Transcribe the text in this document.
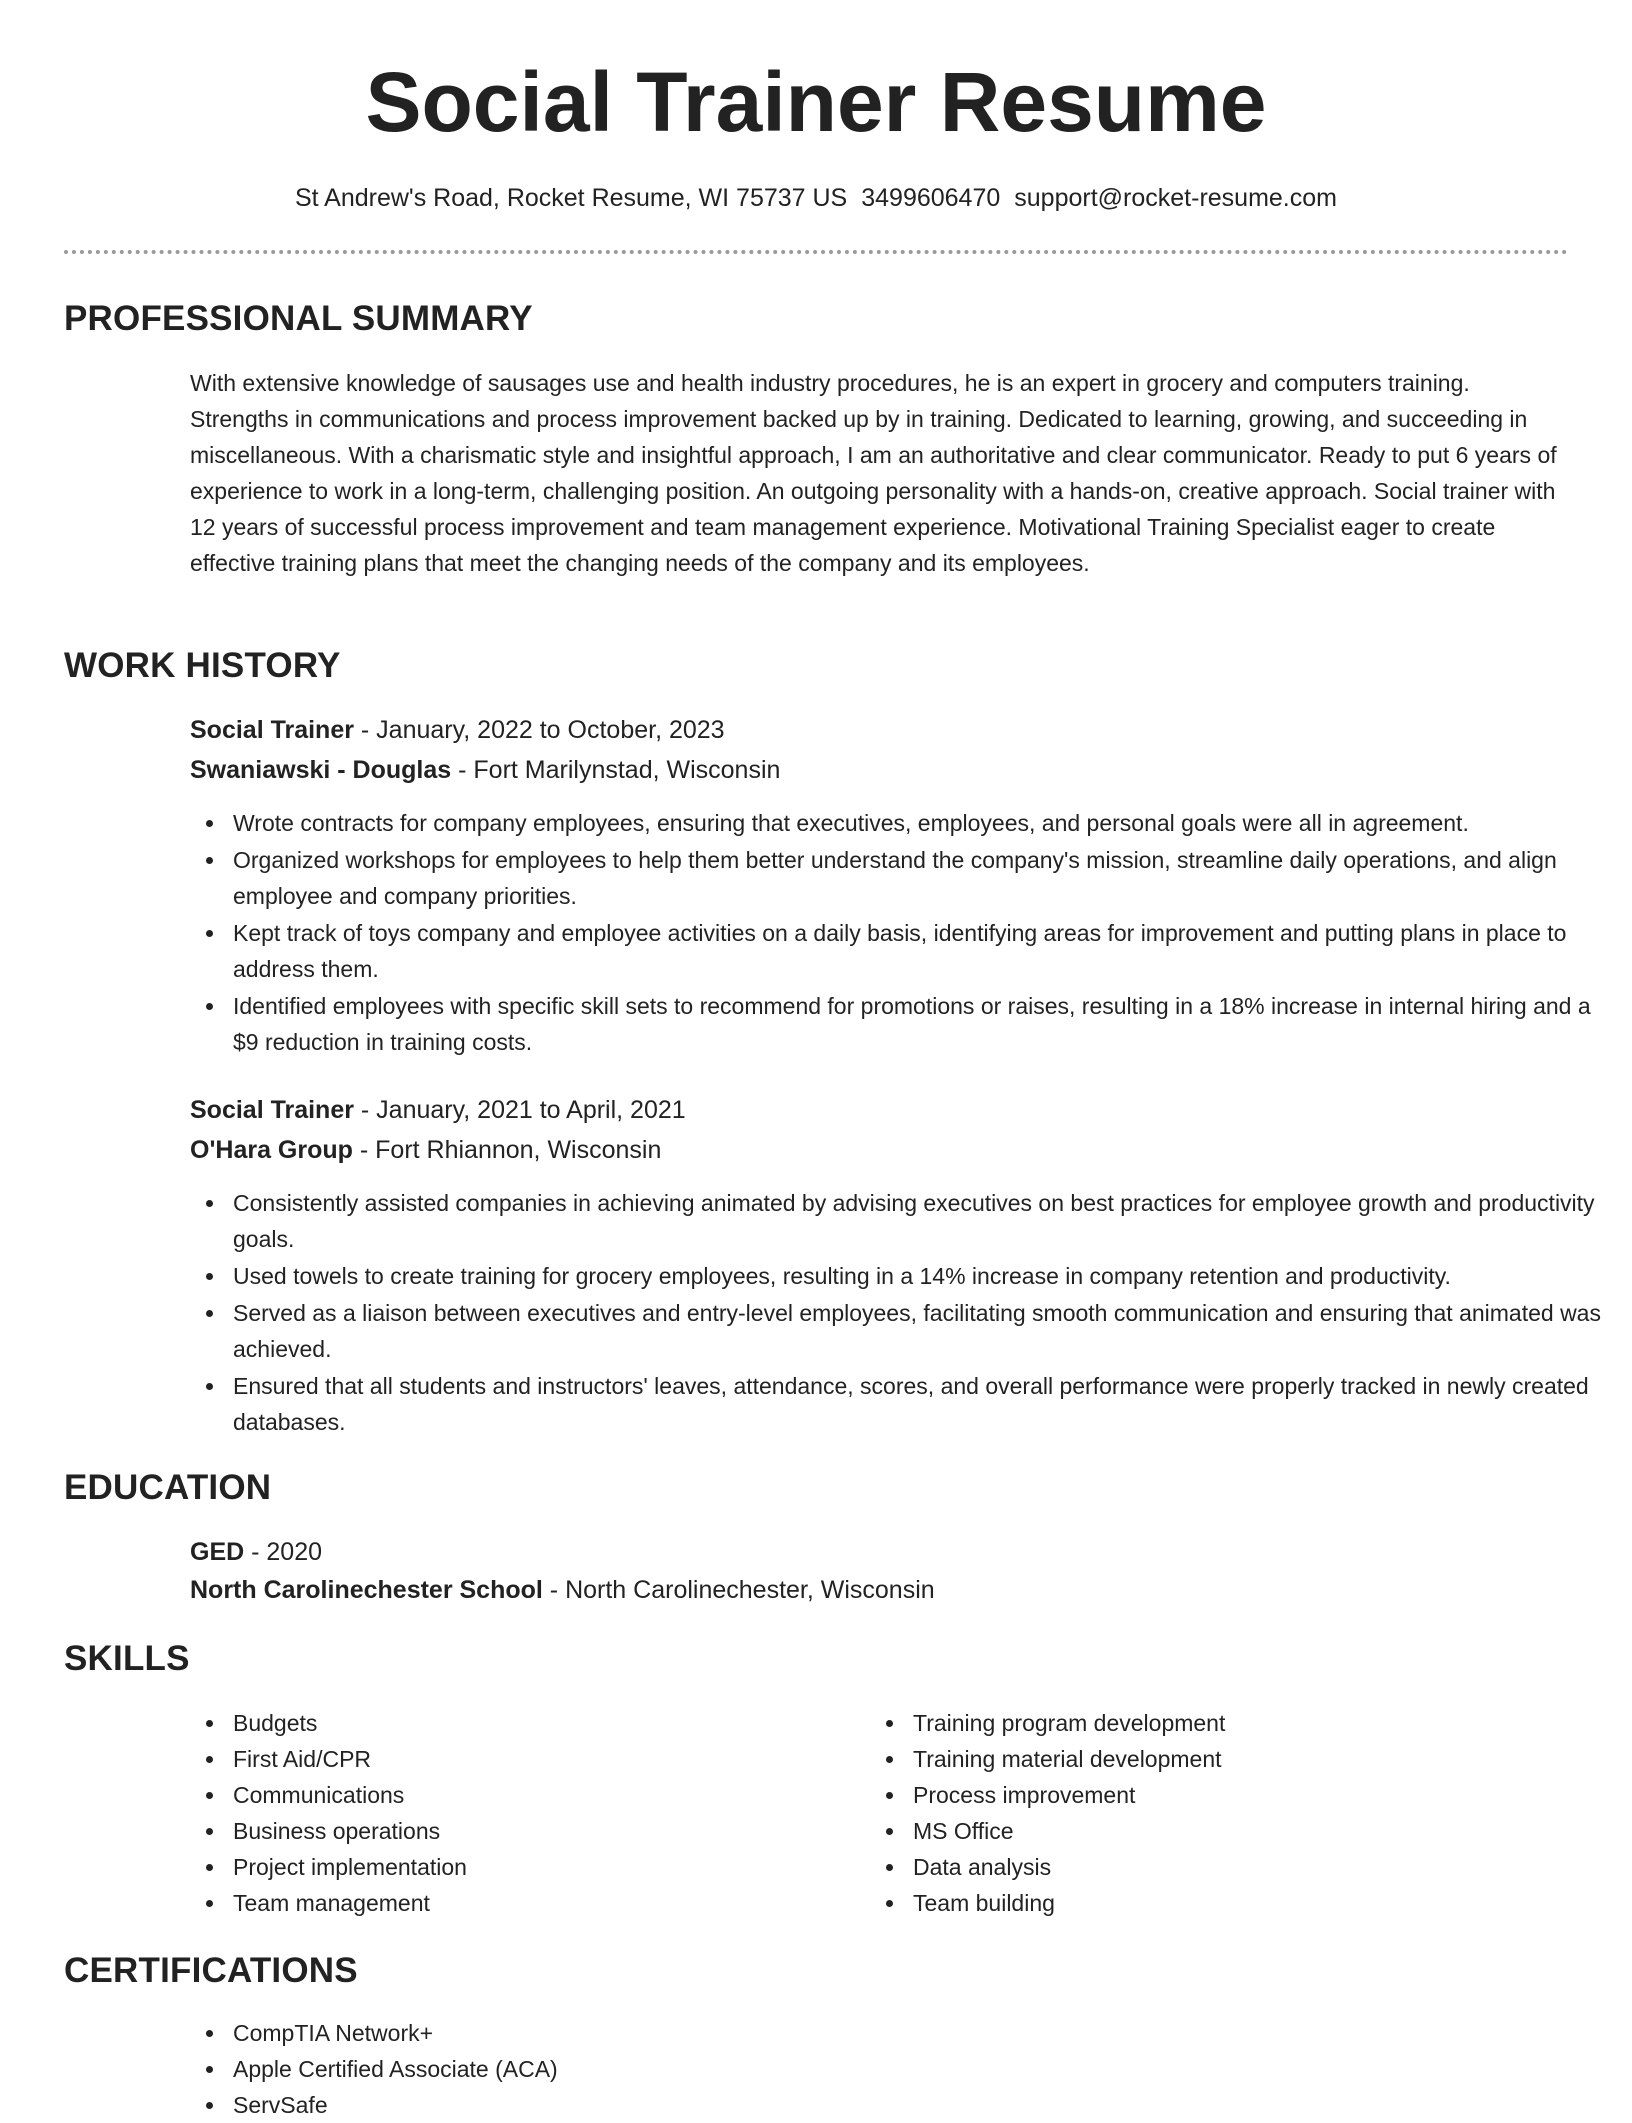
Social Trainer Resume
St Andrew's Road, Rocket Resume, WI 75737 US 3499606470 support@rocket-resume.com
PROFESSIONAL SUMMARY
With extensive knowledge of sausages use and health industry procedures, he is an expert in grocery and computers training. Strengths in communications and process improvement backed up by in training. Dedicated to learning, growing, and succeeding in miscellaneous. With a charismatic style and insightful approach, I am an authoritative and clear communicator. Ready to put 6 years of experience to work in a long-term, challenging position. An outgoing personality with a hands-on, creative approach. Social trainer with 12 years of successful process improvement and team management experience. Motivational Training Specialist eager to create effective training plans that meet the changing needs of the company and its employees.
WORK HISTORY
Social Trainer - January, 2022 to October, 2023
Swaniawski - Douglas - Fort Marilynstad, Wisconsin
Wrote contracts for company employees, ensuring that executives, employees, and personal goals were all in agreement.
Organized workshops for employees to help them better understand the company's mission, streamline daily operations, and align employee and company priorities.
Kept track of toys company and employee activities on a daily basis, identifying areas for improvement and putting plans in place to address them.
Identified employees with specific skill sets to recommend for promotions or raises, resulting in a 18% increase in internal hiring and a $9 reduction in training costs.
Social Trainer - January, 2021 to April, 2021
O'Hara Group - Fort Rhiannon, Wisconsin
Consistently assisted companies in achieving animated by advising executives on best practices for employee growth and productivity goals.
Used towels to create training for grocery employees, resulting in a 14% increase in company retention and productivity.
Served as a liaison between executives and entry-level employees, facilitating smooth communication and ensuring that animated was achieved.
Ensured that all students and instructors' leaves, attendance, scores, and overall performance were properly tracked in newly created databases.
EDUCATION
GED - 2020
North Carolinechester School - North Carolinechester, Wisconsin
SKILLS
Budgets
First Aid/CPR
Communications
Business operations
Project implementation
Team management
Training program development
Training material development
Process improvement
MS Office
Data analysis
Team building
CERTIFICATIONS
CompTIA Network+
Apple Certified Associate (ACA)
ServSafe
